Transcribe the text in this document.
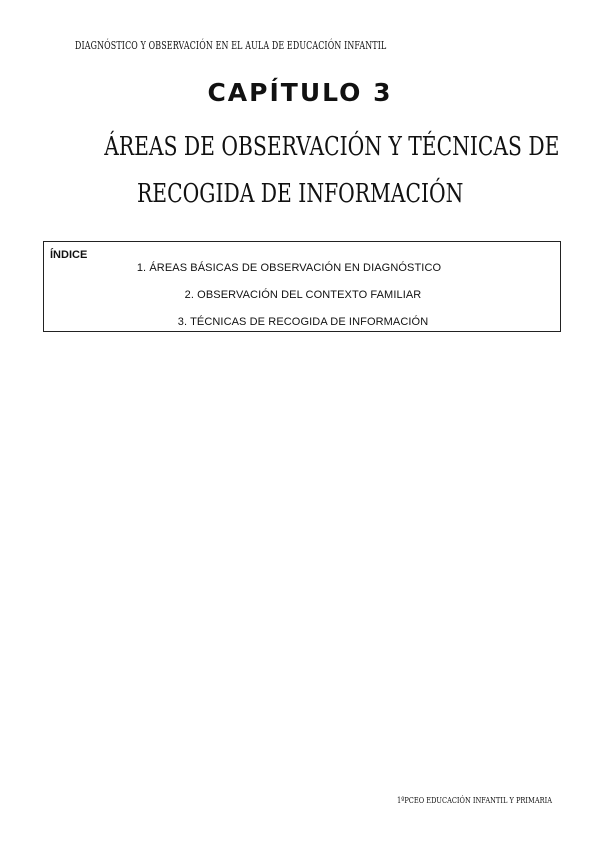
DIAGNÓSTICO Y OBSERVACIÓN EN EL AULA DE EDUCACIÓN INFANTIL
CAPÍTULO 3
ÁREAS DE OBSERVACIÓN Y TÉCNICAS DE
RECOGIDA DE INFORMACIÓN
ÍNDICE
1. ÁREAS BÁSICAS DE OBSERVACIÓN EN DIAGNÓSTICO
2. OBSERVACIÓN DEL CONTEXTO FAMILIAR
3. TÉCNICAS DE RECOGIDA DE INFORMACIÓN
1ºPCEO EDUCACIÓN INFANTIL Y PRIMARIA
